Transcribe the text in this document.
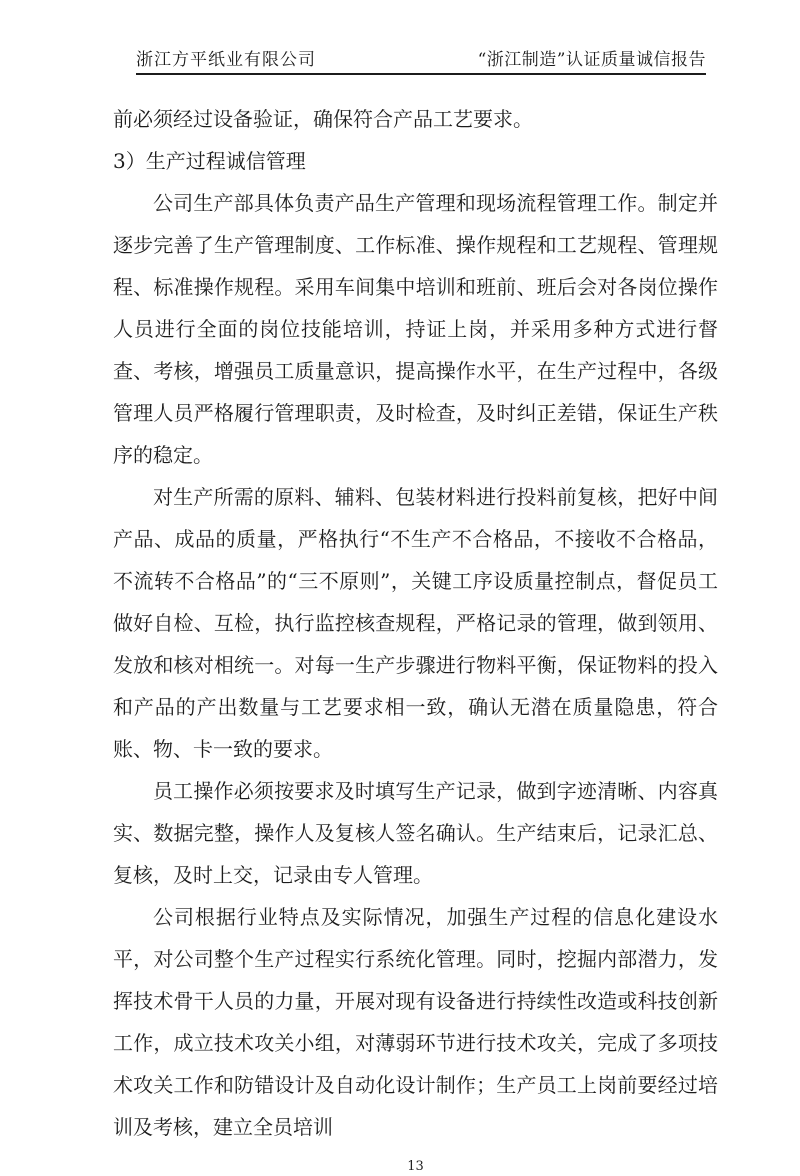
浙江方平纸业有限公司	“浙江制造”认证质量诚信报告

前必须经过设备验证，确保符合产品工艺要求。

3）生产过程诚信管理

公司生产部具体负责产品生产管理和现场流程管理工作。制定并逐步完善了生产管理制度、工作标准、操作规程和工艺规程、管理规程、标准操作规程。采用车间集中培训和班前、班后会对各岗位操作人员进行全面的岗位技能培训，持证上岗，并采用多种方式进行督查、考核，增强员工质量意识，提高操作水平，在生产过程中，各级管理人员严格履行管理职责，及时检查，及时纠正差错，保证生产秩序的稳定。

对生产所需的原料、辅料、包装材料进行投料前复核，把好中间产品、成品的质量，严格执行“不生产不合格品，不接收不合格品，不流转不合格品”的“三不原则”，关键工序设质量控制点，督促员工做好自检、互检，执行监控核查规程，严格记录的管理，做到领用、发放和核对相统一。对每一生产步骤进行物料平衡，保证物料的投入和产品的产出数量与工艺要求相一致，确认无潜在质量隐患，符合账、物、卡一致的要求。

员工操作必须按要求及时填写生产记录，做到字迹清晰、内容真实、数据完整，操作人及复核人签名确认。生产结束后，记录汇总、复核，及时上交，记录由专人管理。

公司根据行业特点及实际情况，加强生产过程的信息化建设水平，对公司整个生产过程实行系统化管理。同时，挖掘内部潜力，发挥技术骨干人员的力量，开展对现有设备进行持续性改造或科技创新工作，成立技术攻关小组，对薄弱环节进行技术攻关，完成了多项技术攻关工作和防错设计及自动化设计制作；生产员工上岗前要经过培训及考核，建立全员培训

13
